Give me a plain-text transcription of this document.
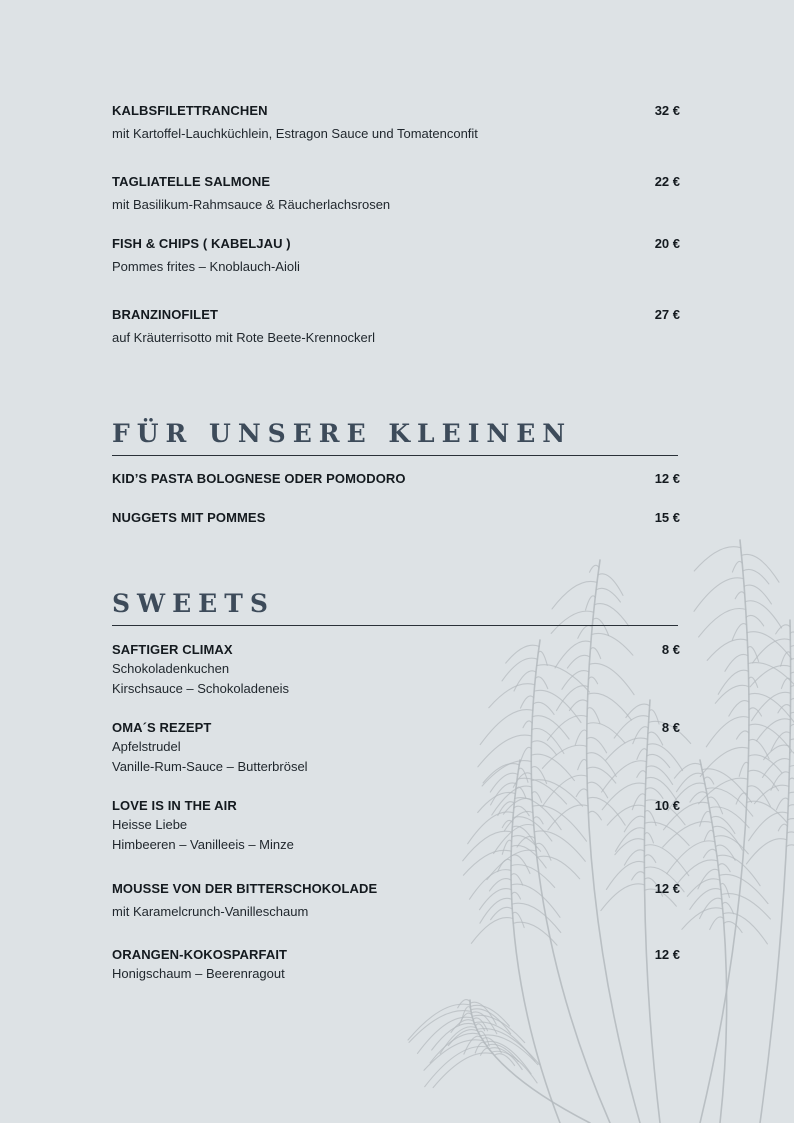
KALBSFILETTRANCHEN	32 €
mit Kartoffel-Lauchküchlein, Estragon Sauce und Tomatenconfit
TAGLIATELLE SALMONE	22 €
mit Basilikum-Rahmsauce & Räucherlachsrosen
FISH & CHIPS ( KABELJAU )	20 €
Pommes frites – Knoblauch-Aioli
BRANZINOFILET	27 €
auf Kräuterrisotto mit Rote Beete-Krennockerl
FÜR UNSERE KLEINEN
KID’S PASTA BOLOGNESE ODER POMODORO	12 €
NUGGETS MIT POMMES	15 €
SWEETS
SAFTIGER CLIMAX	8 €
Schokoladenkuchen
Kirschsauce – Schokoladeneis
OMA´S REZEPT	8 €
Apfelstrudel
Vanille-Rum-Sauce – Butterbrösel
LOVE IS IN THE AIR	10 €
Heisse Liebe
Himbeeren – Vanilleeis – Minze
MOUSSE VON DER BITTERSCHOKOLADE	12 €
mit Karamelcrunch-Vanilleschaum
ORANGEN-KOKOSPARFAIT	12 €
Honigschaum – Beerenragout
